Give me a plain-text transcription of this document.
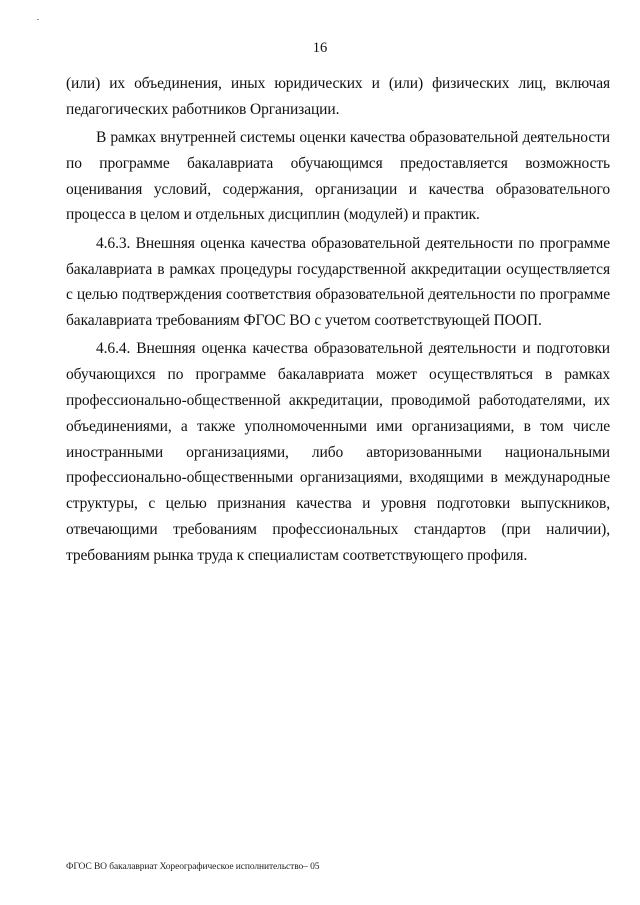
16

(или) их объединения, иных юридических и (или) физических лиц, включая педагогических работников Организации.

В рамках внутренней системы оценки качества образовательной деятельности по программе бакалавриата обучающимся предоставляется возможность оценивания условий, содержания, организации и качества образовательного процесса в целом и отдельных дисциплин (модулей) и практик.

4.6.3. Внешняя оценка качества образовательной деятельности по программе бакалавриата в рамках процедуры государственной аккредитации осуществляется с целью подтверждения соответствия образовательной деятельности по программе бакалавриата требованиям ФГОС ВО с учетом соответствующей ПООП.

4.6.4. Внешняя оценка качества образовательной деятельности и подготовки обучающихся по программе бакалавриата может осуществляться в рамках профессионально-общественной аккредитации, проводимой работодателями, их объединениями, а также уполномоченными ими организациями, в том числе иностранными организациями, либо авторизованными национальными профессионально-общественными организациями, входящими в международные структуры, с целью признания качества и уровня подготовки выпускников, отвечающими требованиям профессиональных стандартов (при наличии), требованиям рынка труда к специалистам соответствующего профиля.

ФГОС ВО бакалавриат Хореографическое исполнительство– 05
